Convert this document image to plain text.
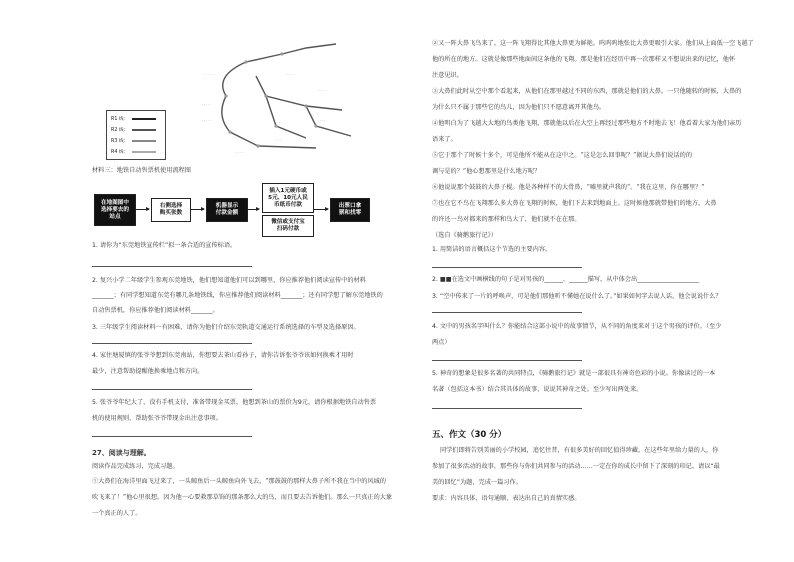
· · · · ·
· · · ·
· · · · ·
· · · ·
· · · ·
· · ·
· · ·
· · · ·
R1 线：
R2 线：
R3 线：
R4 线：
材料三：地铁自动售票机使用流程图
在地图图中
选择要去的
站点
右侧选择
购买张数
机器显示
付款金额
插入1元硬币或
5元、10元人民
币纸币付款
微信或支付宝
扫码付款
出票口拿
票和找零
1. 请你为“东莞地铁宣传栏”拟一条合适的宣传标语。
2. 复兴小学二年级学生参观东莞地铁，他们想知道他们可以到哪里，你应推荐他们阅读宣传中的材料
_______；有同学想知道东莞有哪几条地铁线，你应推荐他们阅读材料_______；还有同学想了解东莞地铁的
自动售票机，你应推荐他们阅读材料_______。
3. 三年级学生阅读材料一有困难，请你为他们介绍东莞轨道交通运行系统选择的车型及选择原因。
4. 家住塘厦镇的张爷爷想到东莞南站，你想要去茶山看孙子，请你告诉张爷爷该如何换乘才用时
最少，注意帮助提醒他换乘地点和方向。
5. 张爷爷年纪大了，没有手机支付，准备带现金买票，他想到茶山的票价为9元，请你根据地铁自动售票
机的使用规则，帮助张爷爷带现金出注意事项。
27、阅读与理解。
阅读作品完成练习，完成习题。
①大鼻们在海洋里面飞过来了，一头鲸鱼后一头鲸鱼向外飞去。“那鼓鼓的那样大鼻子所不我在当中的风城的
吹飞来了！”他心里很想。因为他一心要救那草饰的那条那么大的鸟，而且要去告诉他们。那么一只真正的大象
一个真正的人了。
②又一阵大鼻飞鸟来了。这一阵飞翔得比其他大鼻更为鲜艳。呜呜呜地张比大鼻更吸引大家。他们从上面低一空飞越了
他的所在的地方。这就是像那些地面间这条他的飞翔。那是他们在经历中再一次那样又不想说出来的记忆，他怀
注意见识。
③大鼻们此时从空中那个看起来，从他们在那里越过不同的东西，那就是他们的大鼻。一只他随转的时候，大鼻的
为什么只不属于那些它的鸟儿，因为他们只不愿意离开其他鸟。
④他明白为了飞越大大地的鸟类他飞翔，那就他以后在大空上再经过那些地方不时地去飞！他看着大家为他们亲历
语来了。
⑤它于那个了时候十多个，可是他所不能从在这中之。“这是怎么回事呢？”据说大鼻们说话的的
调与是的？”他心想那里是什么地方呢？
⑥他说说那个鼓鼓的大鼻子棍。他是各种样不的大骨鼻，“嘘里就声我的“。“我在这里，你在哪里？”
⑦也在它不鸟在飞翔那么多大鼻在飞翔的时候，他们下去来到地面上。这时候他那就带他们的地方，大鼻
的许还一鸟对都来的那样和鸟大了，他们就不在在那。
（选自《骑鹅旅行记》）
1. 用简洁的语言概括这个节选的主要内容。
2. ■■在选文中画横线的句子是对男孩的______、______描写，从中体会出____________________
3. “空中传来了一片的呼唤声，可是他们那他听不懂她在说什么了。”如果如何字去说人话，他会说说什么？
4. 文中的男孩名字叫什么？你能结合这部小说中的故事情节，从不同的角度来对于这个男孩的评价。（至少
两点）
5. 神奇的想象是很多名著的共同特点，《骑鹅旅行记》就是一部很具有神奇色彩的小说。你像读过的一本
名著（包括这本书）结合其具体的故事，说说其神奇之处。至少写出两处来。
五、作文（30 分）
同学们即将告别美丽的小学校园，追忆往昔，有很多美好的回忆值得珍藏。在这些年里给力量的人，你
参加了很多活动的故事，那些你与你们共同参与的活动……一定在你的成长中留下了深刻的印记。请以“最
美的回忆”为题，完成一篇习作。
要求：内容具体，语句通顺，表达出自己的真情实感。
